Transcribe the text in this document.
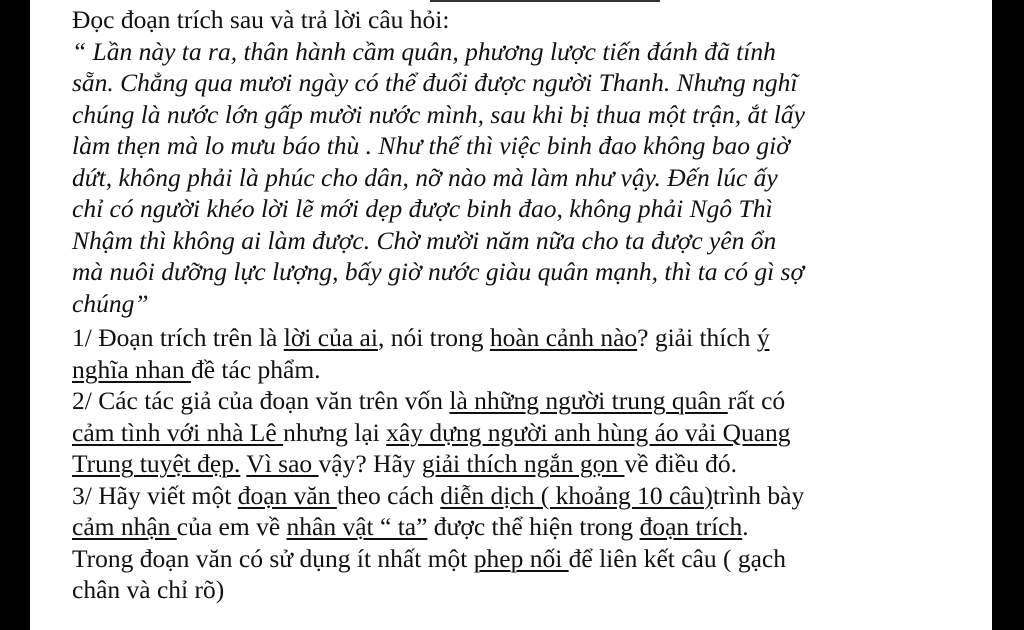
Đọc đoạn trích sau và trả lời câu hỏi:
“ Lần này ta ra, thân hành cầm quân, phương lược tiến đánh đã tính
sẵn. Chẳng qua mươi ngày có thể đuổi được người Thanh. Nhưng nghĩ
chúng là nước lớn gấp mười nước mình, sau khi bị thua một trận, ắt lấy
làm thẹn mà lo mưu báo thù . Như thế thì việc binh đao không bao giờ
dứt, không phải là phúc cho dân, nỡ nào mà làm như vậy. Đến lúc ấy
chỉ có người khéo lời lẽ mới dẹp được binh đao, không phải Ngô Thì
Nhậm thì không ai làm được. Chờ mười năm nữa cho ta được yên ổn
mà nuôi dưỡng lực lượng, bấy giờ nước giàu quân mạnh, thì ta có gì sợ
chúng”
1/ Đoạn trích trên là lời của ai, nói trong hoàn cảnh nào? giải thích ý
nghĩa nhan đề tác phẩm.
2/ Các tác giả của đoạn văn trên vốn là những người trung quân rất có
cảm tình với nhà Lê nhưng lại xây dựng người anh hùng áo vải Quang
Trung tuyệt đẹp. Vì sao vậy? Hãy giải thích ngắn gọn về điều đó.
3/ Hãy viết một đoạn văn theo cách diễn dịch ( khoảng 10 câu)trình bày
cảm nhận của em về nhân vật “ ta” được thể hiện trong đoạn trích.
Trong đoạn văn có sử dụng ít nhất một phep nối để liên kết câu ( gạch
chân và chỉ rõ)
